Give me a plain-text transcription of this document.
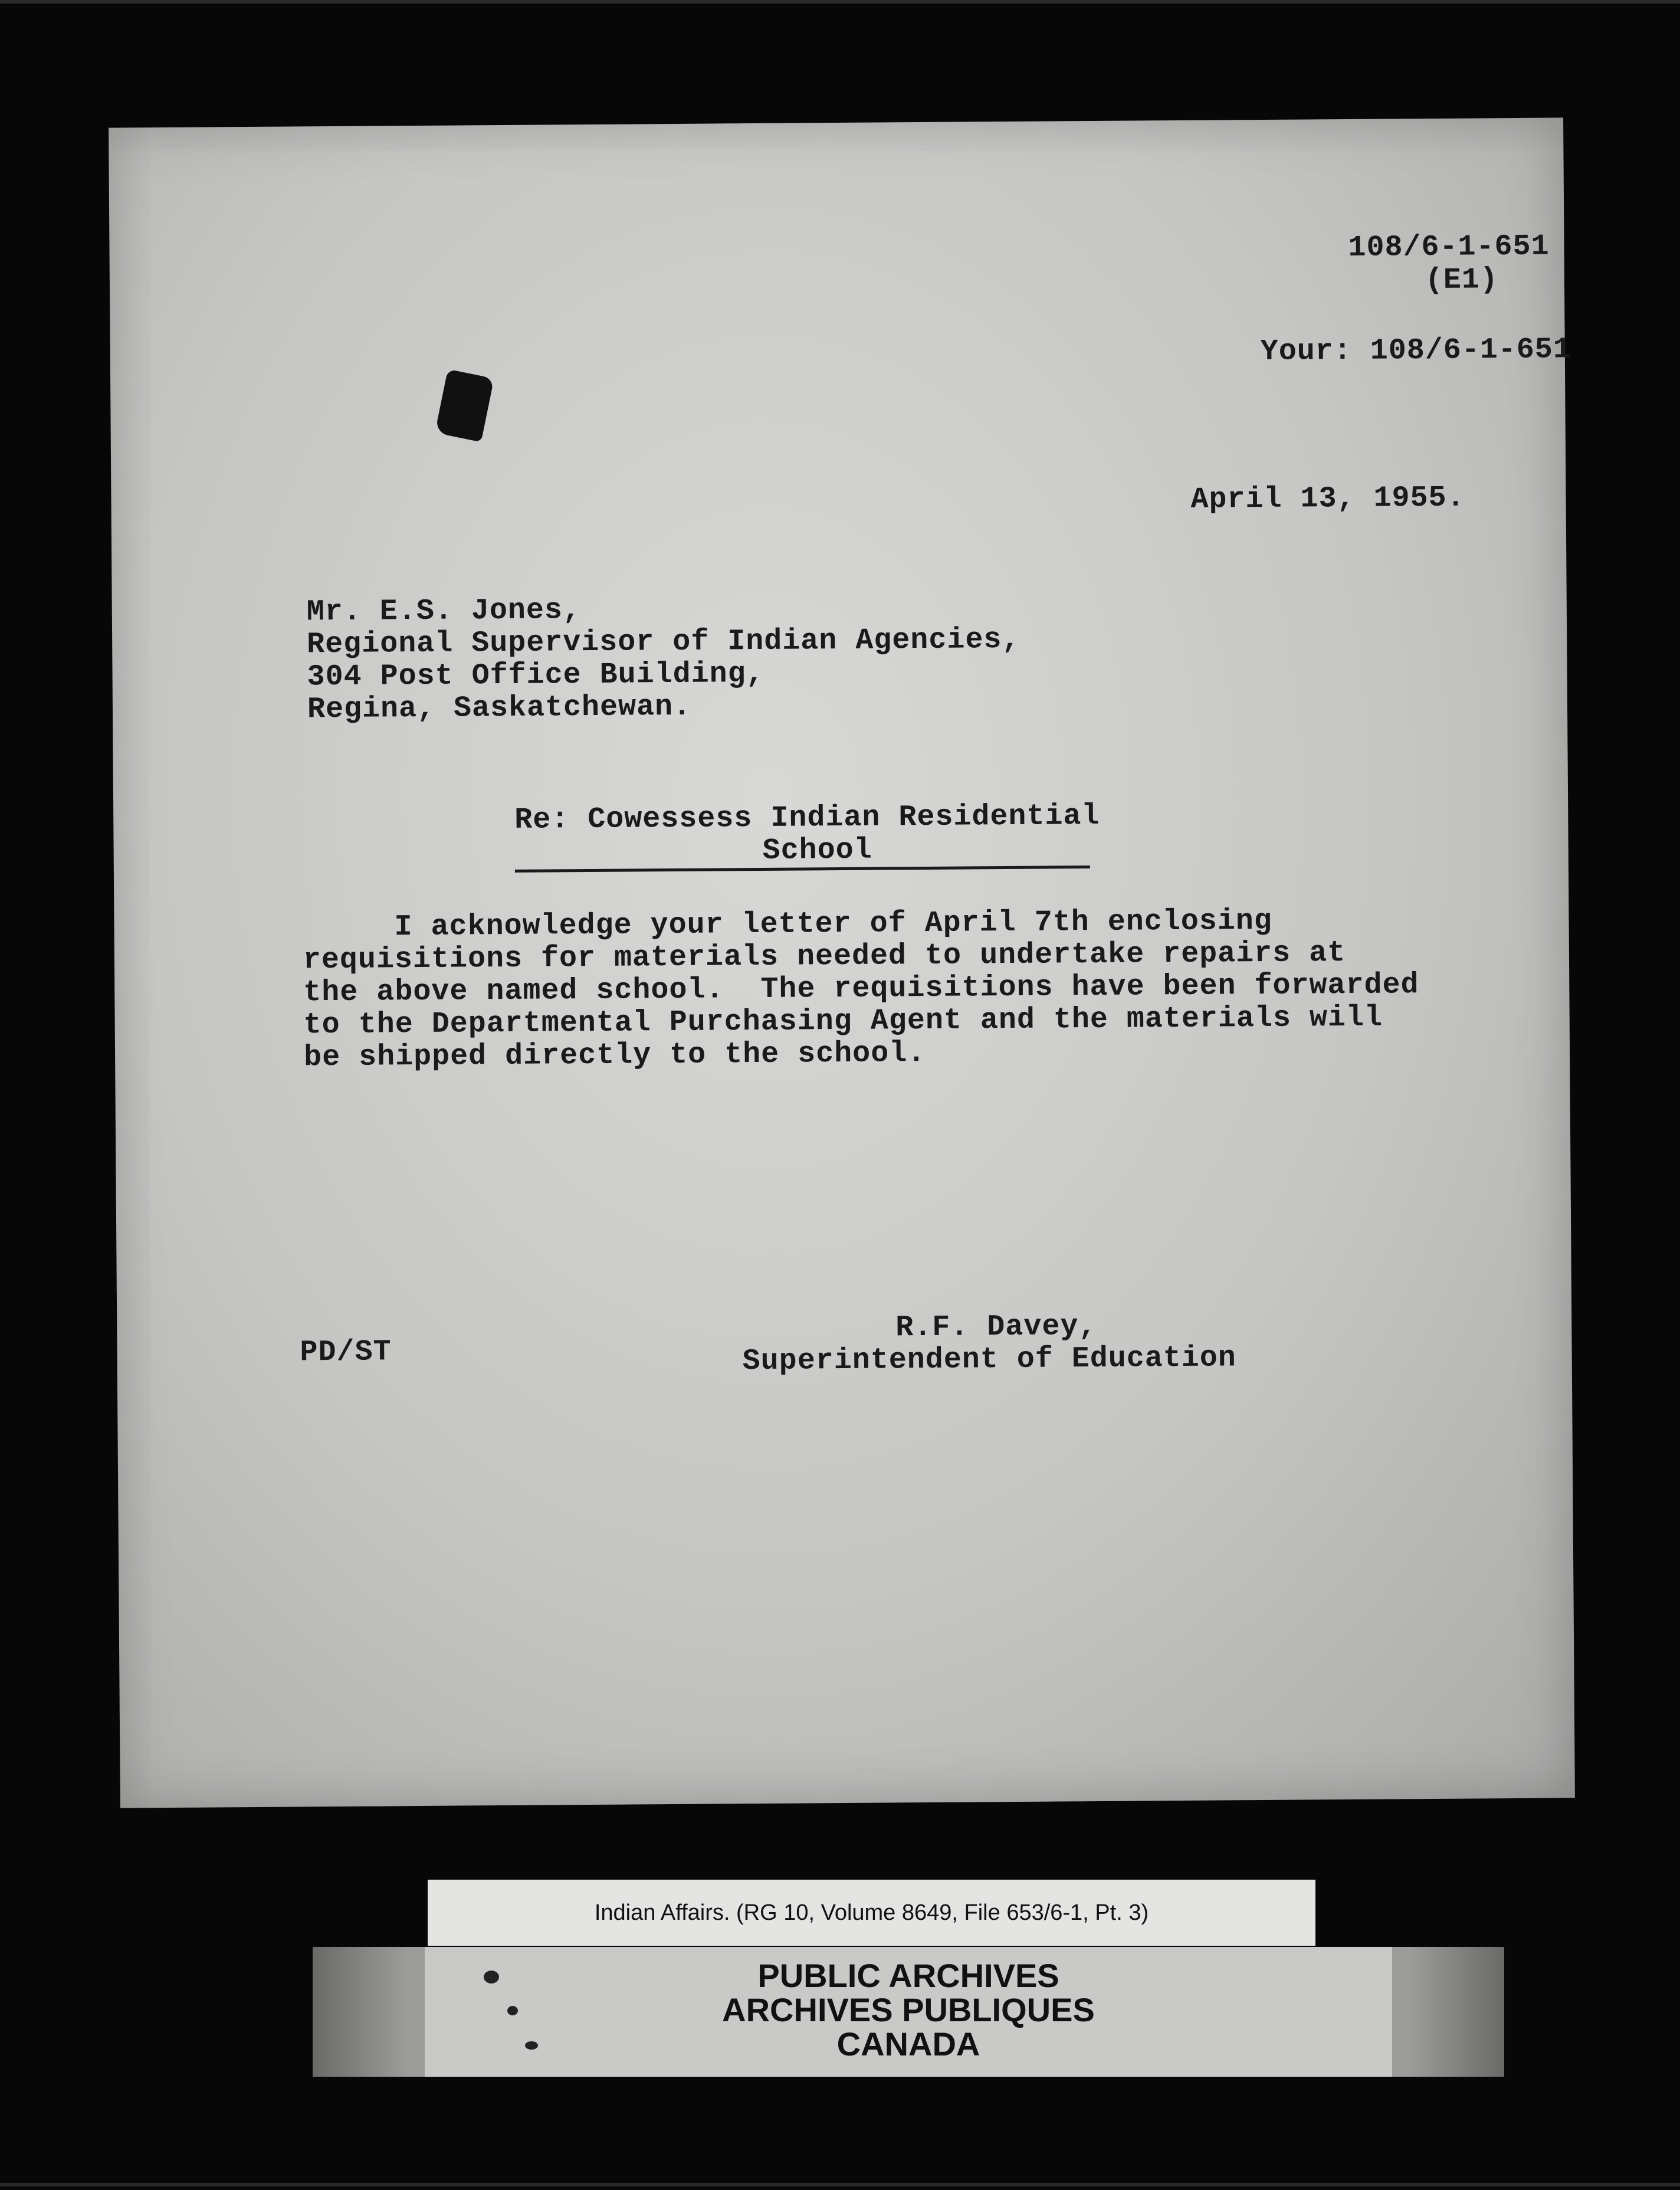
108/6-1-651
(E1)
Your: 108/6-1-651
April 13, 1955.
Mr. E.S. Jones,
Regional Supervisor of Indian Agencies,
304 Post Office Building,
Regina, Saskatchewan.
Re: Cowessess Indian Residential
School
I acknowledge your letter of April 7th enclosing
requisitions for materials needed to undertake repairs at
the above named school.  The requisitions have been forwarded
to the Departmental Purchasing Agent and the materials will
be shipped directly to the school.
PD/ST
R.F. Davey,
Superintendent of Education
Indian Affairs. (RG 10, Volume 8649, File 653/6-1, Pt. 3)
PUBLIC ARCHIVES
ARCHIVES PUBLIQUES
CANADA
